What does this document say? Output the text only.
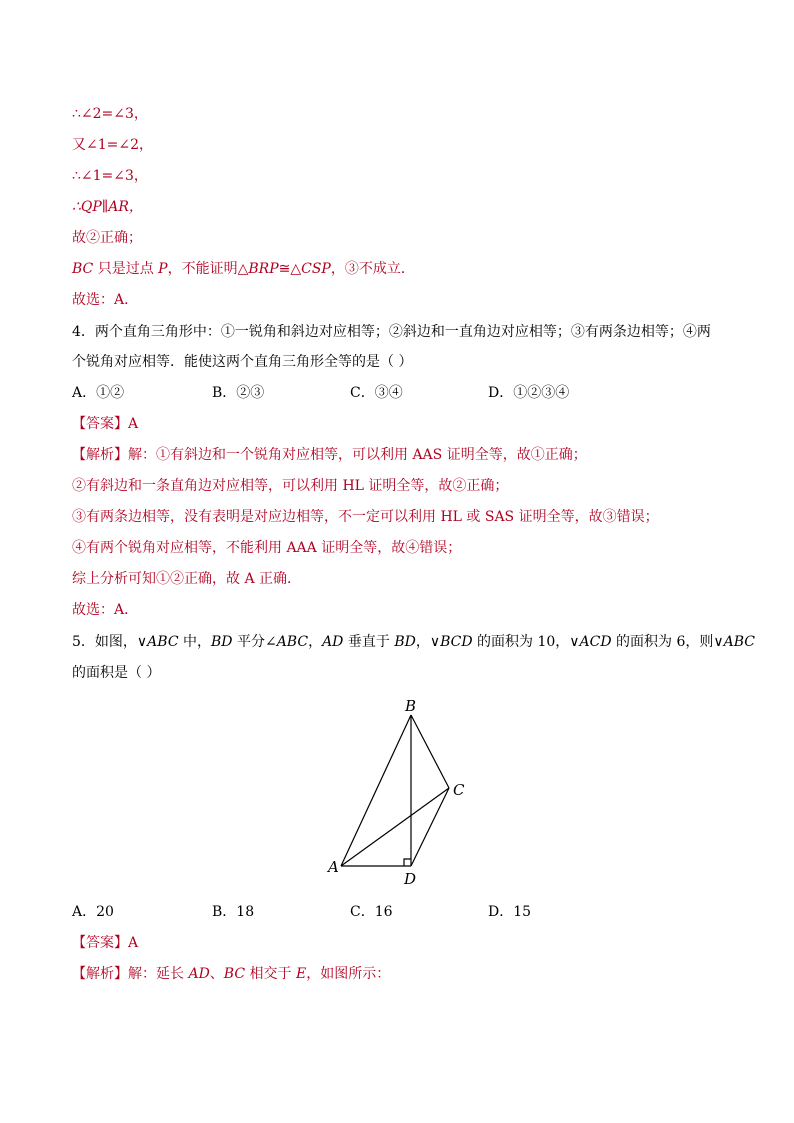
∴∠2=∠3，
又∠1=∠2，
∴∠1=∠3，
∴QP∥AR，
故②正确；
BC 只是过点 P，不能证明△BRP≅△CSP，③不成立．
故选：A．
4．两个直角三角形中：①一锐角和斜边对应相等；②斜边和一直角边对应相等；③有两条边相等；④两
个锐角对应相等．能使这两个直角三角形全等的是（ ）
A．①②	B．②③	C．③④	D．①②③④
【答案】A
【解析】解：①有斜边和一个锐角对应相等，可以利用 AAS 证明全等，故①正确；
②有斜边和一条直角边对应相等，可以利用 HL 证明全等，故②正确；
③有两条边相等，没有表明是对应边相等，不一定可以利用 HL 或 SAS 证明全等，故③错误；
④有两个锐角对应相等，不能利用 AAA 证明全等，故④错误；
综上分析可知①②正确，故 A 正确．
故选：A．
5．如图，∨ABC 中，BD 平分∠ABC，AD 垂直于 BD，∨BCD 的面积为 10，∨ACD 的面积为 6，则∨ABC
的面积是（ ）
B
C
A
D
A．20	B．18	C．16	D．15
【答案】A
【解析】解：延长 AD、BC 相交于 E，如图所示：
